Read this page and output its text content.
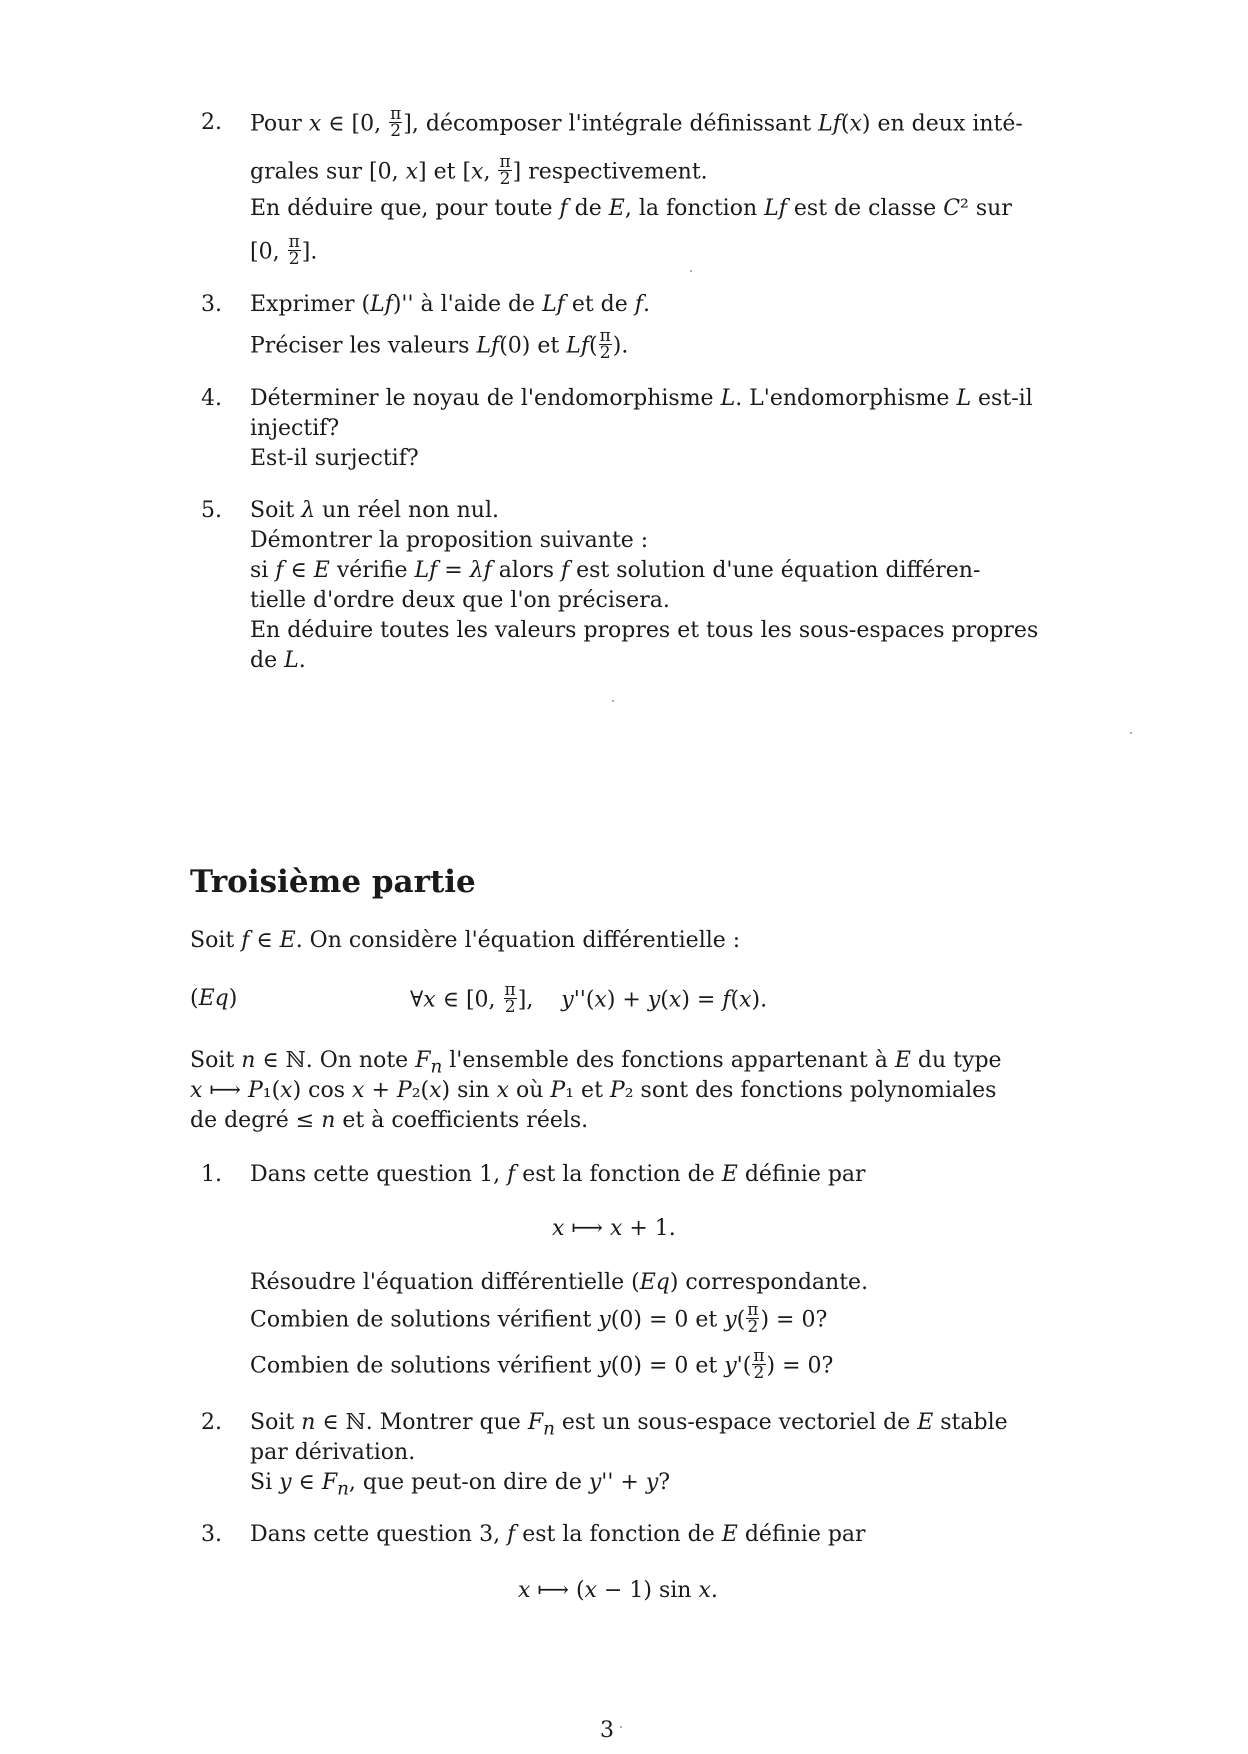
2. Pour x ∈ [0, $\frac{\pi}{2}$ ], décomposer l'intégrale définissant Lf(x) en deux inté-
grales sur [0, x] et [x, $\frac{\pi}{2}$ ] respectivement.
En déduire que, pour toute f de E, la fonction Lf est de classe C² sur
[0, $\frac{\pi}{2}$ ].
3. Exprimer (Lf)'' à l'aide de Lf et de f.
Préciser les valeurs Lf(0) et $Lf( \frac{\pi}{2}$ ).
4. Déterminer le noyau de l'endomorphisme L. L'endomorphisme L est-il
injectif?
Est-il surjectif?
5. Soit λ un réel non nul.
Démontrer la proposition suivante :
si f ∈ E vérifie Lf = λf alors f est solution d'une équation différen-
tielle d'ordre deux que l'on précisera.
En déduire toutes les valeurs propres et tous les sous-espaces propres
de L.
Troisième partie
Soit f ∈ E. On considère l'équation différentielle :
(Eq)	∀x ∈ [0, $\frac{\pi}{2}$ ],    y''(x) + y(x) = f(x).
Soit n ∈ ℕ. On note $F_n$ l'ensemble des fonctions appartenant à E du type
x ⟼ P₁(x) cos x + P₂(x) sin x où P₁ et P₂ sont des fonctions polynomiales
de degré ≤ n et à coefficients réels.
1. Dans cette question 1, f est la fonction de E définie par
x ⟼ x + 1.
Résoudre l'équation différentielle (Eq) correspondante.
Combien de solutions vérifient y(0) = 0 et $y( \frac{\pi}{2}$ ) = 0?
Combien de solutions vérifient y(0) = 0 et $y'( \frac{\pi}{2}$ ) = 0?
2. Soit n ∈ ℕ. Montrer que $F_n$ est un sous-espace vectoriel de E stable
par dérivation.
Si y ∈ $F_n$, que peut-on dire de y'' + y?
3. Dans cette question 3, f est la fonction de E définie par
x ⟼ (x − 1) sin x.
3
